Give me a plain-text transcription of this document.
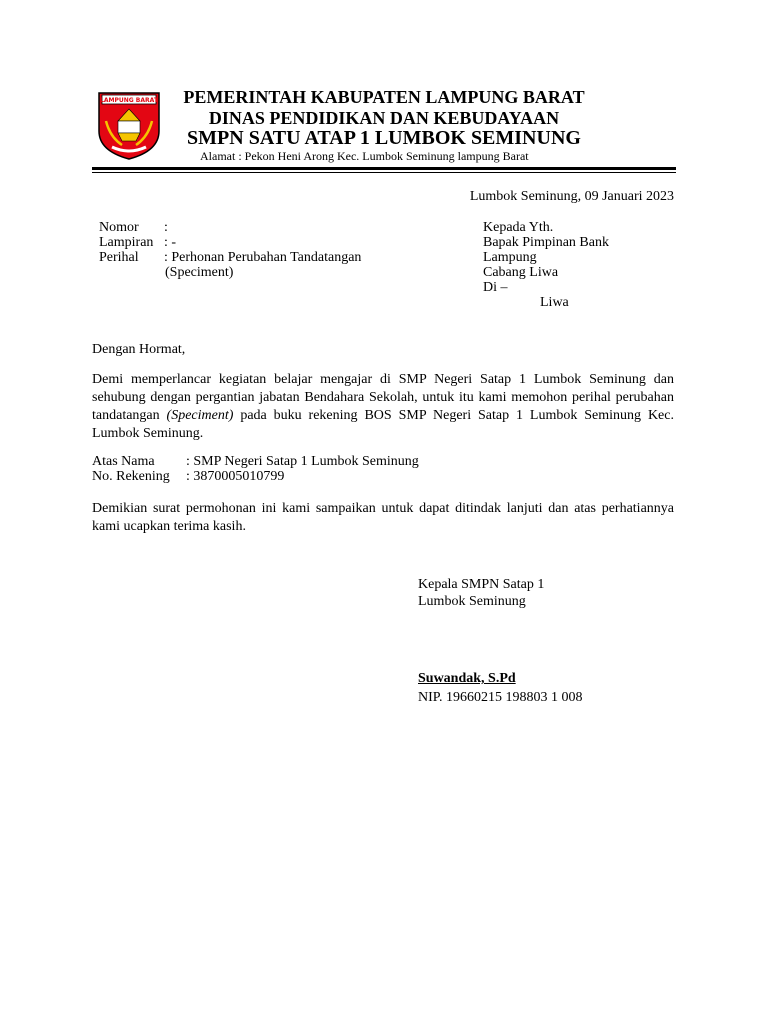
LAMPUNG BARAT	PEMERINTAH KABUPATEN LAMPUNG BARAT
DINAS PENDIDIKAN DAN KEBUDAYAAN
SMPN SATU ATAP 1 LUMBOK SEMINUNG
Alamat : Pekon Heni Arong Kec. Lumbok Seminung lampung Barat
Lumbok Seminung, 09 Januari 2023
Nomor :
Lampiran : -
Perihal : Perhonan Perubahan Tandatangan
(Speciment)
Kepada Yth.
Bapak Pimpinan Bank
Lampung
Cabang Liwa
Di –
Liwa
Dengan Hormat,
Demi memperlancar kegiatan belajar mengajar di SMP Negeri Satap 1 Lumbok Seminung dan sehubung dengan pergantian jabatan Bendahara Sekolah, untuk itu kami memohon perihal perubahan tandatangan (Speciment) pada buku rekening BOS SMP Negeri Satap 1 Lumbok Seminung Kec. Lumbok Seminung.
Atas Nama : SMP Negeri Satap 1 Lumbok Seminung
No. Rekening : 3870005010799
Demikian surat permohonan ini kami sampaikan untuk dapat ditindak lanjuti dan atas perhatiannya kami ucapkan terima kasih.
Kepala SMPN Satap 1
Lumbok Seminung
Suwandak, S.Pd
NIP. 19660215 198803 1 008
